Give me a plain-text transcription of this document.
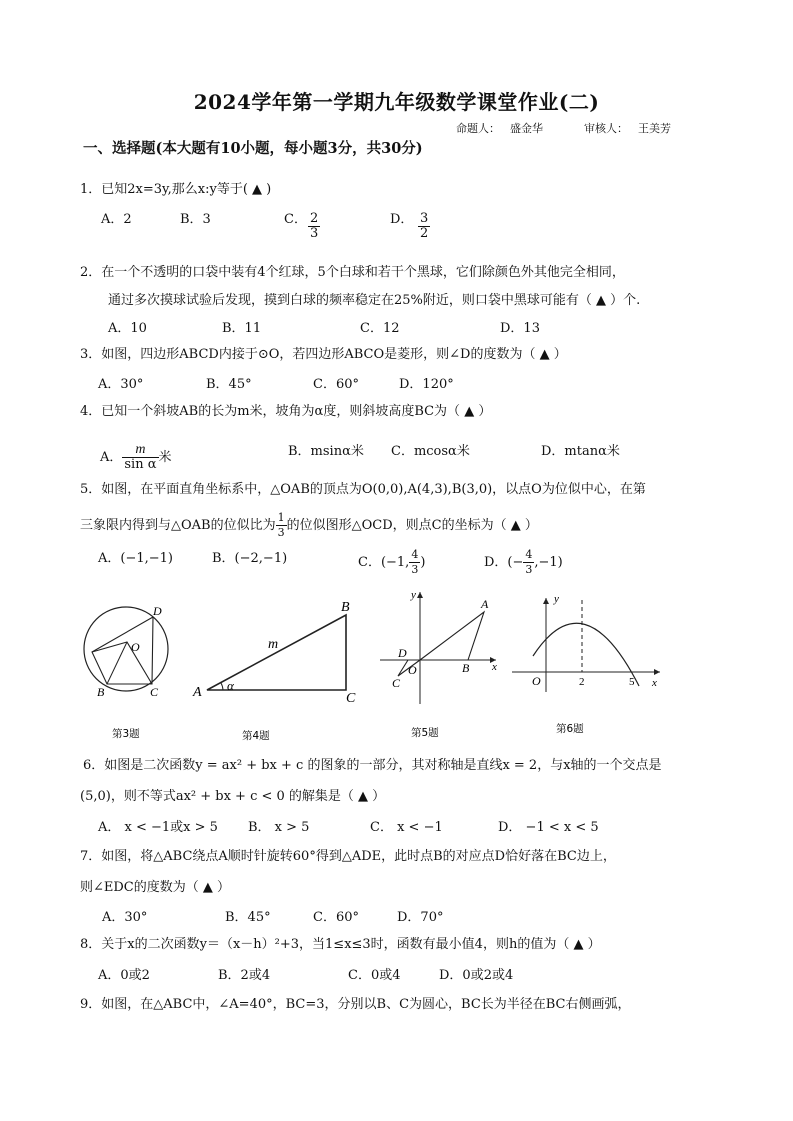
2024学年第一学期九年级数学课堂作业(二)
命题人： 盛金华	审核人： 王美芳
一、选择题(本大题有10小题，每小题3分，共30分)
1．已知2x=3y,那么x:y等于( ▲ )
A．2	B．3	C． $\frac{2}{3}$	D． $\frac{3}{2}$
2．在一个不透明的口袋中装有4个红球，5个白球和若干个黑球，它们除颜色外其他完全相同，
通过多次摸球试验后发现，摸到白球的频率稳定在25%附近，则口袋中黑球可能有（ ▲ ）个.
A．10	B．11	C．12	D．13
3．如图，四边形ABCD内接于⊙O，若四边形ABCO是菱形，则∠D的度数为（ ▲ ）
A．30°	B．45°	C．60°	D．120°
4．已知一个斜坡AB的长为m米，坡角为α度，则斜坡高度BC为（ ▲ ）
A． $\frac{m}{\text{sin α}}$ 米	B．msinα米 C．mcosα米	D．mtanα米
5．如图，在平面直角坐标系中，△OAB的顶点为O(0,0),A(4,3),B(3,0)，以点O为位似中心，在第
三象限内得到与△OAB的位似比为 $\frac{1}{3}$ 的位似图形△OCD，则点C的坐标为（ ▲ ）
A．(−1,−1)	B．(−2,−1)	C．(−1, $\frac{4}{3}$ )	D．(− $\frac{4}{3} ,-1$)
D
O
B	C
第3题
B
m
A α
C
第4题
y
A
D
O
C
B x
第5题
y
O	2	5 x
第6题
6．如图是二次函数y = ax² + bx + c 的图象的一部分，其对称轴是直线x = 2，与x轴的一个交点是
(5,0)，则不等式ax² + bx + c < 0 的解集是（ ▲ ）
A． x < −1或x > 5 B． x > 5	C． x < −1	D． −1 < x < 5
7．如图，将△ABC绕点A顺时针旋转60°得到△ADE，此时点B的对应点D恰好落在BC边上，
则∠EDC的度数为（ ▲ ）
A．30°	B．45°	C．60°	D．70°
8．关于x的二次函数y＝（x－h）²+3，当1≤x≤3时，函数有最小值4，则h的值为（ ▲ ）
A．0或2	B．2或4	C．0或4	D．0或2或4
9．如图，在△ABC中，∠A=40°，BC=3，分别以B、C为圆心，BC长为半径在BC右侧画弧，
